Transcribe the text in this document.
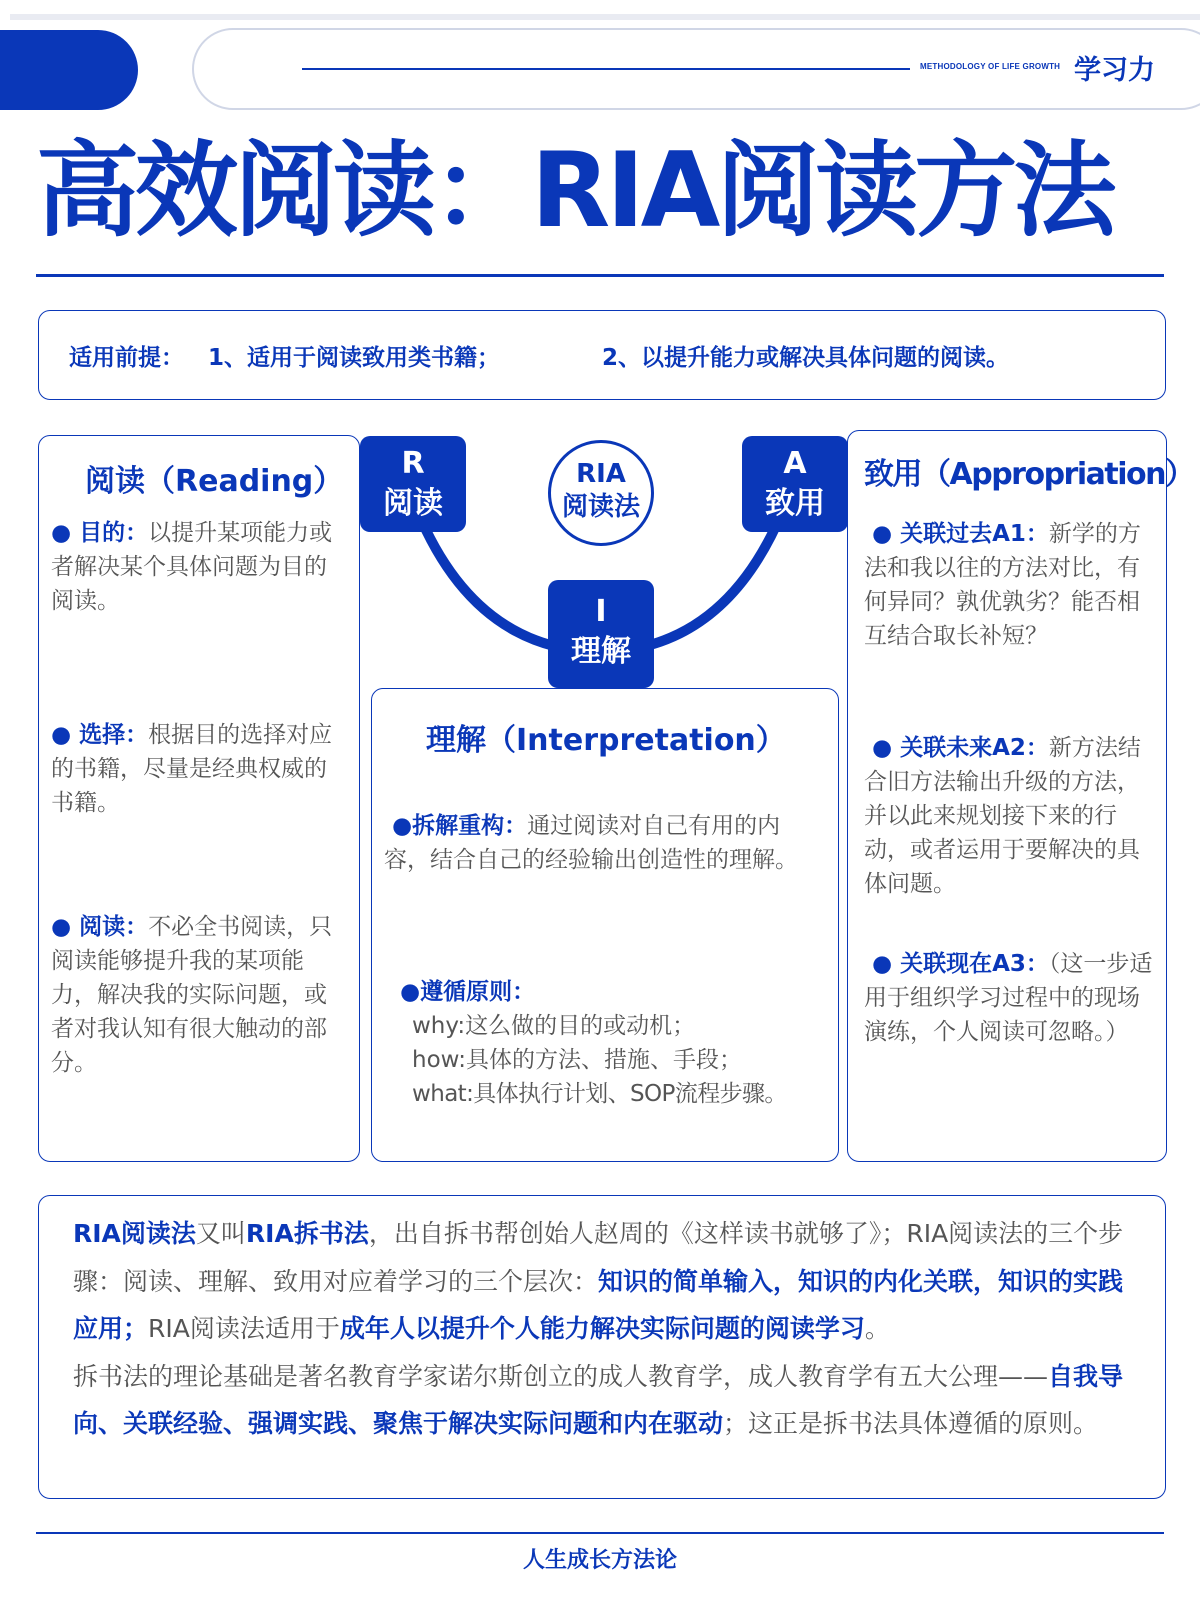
METHODOLOGY OF LIFE GROWTH 学习力
高效阅读：RIA阅读方法
适用前提： 1、适用于阅读致用类书籍；	2、以提升能力或解决具体问题的阅读。
阅读（Reading）
● 目的：以提升某项能力或者解决某个具体问题为目的阅读。
● 选择：根据目的选择对应的书籍，尽量是经典权威的书籍。
● 阅读：不必全书阅读，只阅读能够提升我的某项能力，解决我的实际问题，或者对我认知有很大触动的部分。
致用（Appropriation）
● 关联过去A1：新学的方法和我以往的方法对比，有何异同？孰优孰劣？能否相互结合取长补短？
● 关联未来A2：新方法结合旧方法输出升级的方法，并以此来规划接下来的行动，或者运用于要解决的具体问题。
● 关联现在A3：（这一步适用于组织学习过程中的现场演练，个人阅读可忽略。）
理解（Interpretation）
●拆解重构：通过阅读对自己有用的内容，结合自己的经验输出创造性的理解。
●遵循原则：
why:这么做的目的或动机；
how:具体的方法、措施、手段；
what:具体执行计划、SOP流程步骤。
R
阅读
A
致用
I
理解
RIA
阅读法
RIA阅读法又叫RIA拆书法，出自拆书帮创始人赵周的《这样读书就够了》；RIA阅读法的三个步骤：阅读、理解、致用对应着学习的三个层次：知识的简单输入，知识的内化关联，知识的实践应用；RIA阅读法适用于成年人以提升个人能力解决实际问题的阅读学习。
拆书法的理论基础是著名教育学家诺尔斯创立的成人教育学，成人教育学有五大公理——自我导向、关联经验、强调实践、聚焦于解决实际问题和内在驱动；这正是拆书法具体遵循的原则。
人生成长方法论
